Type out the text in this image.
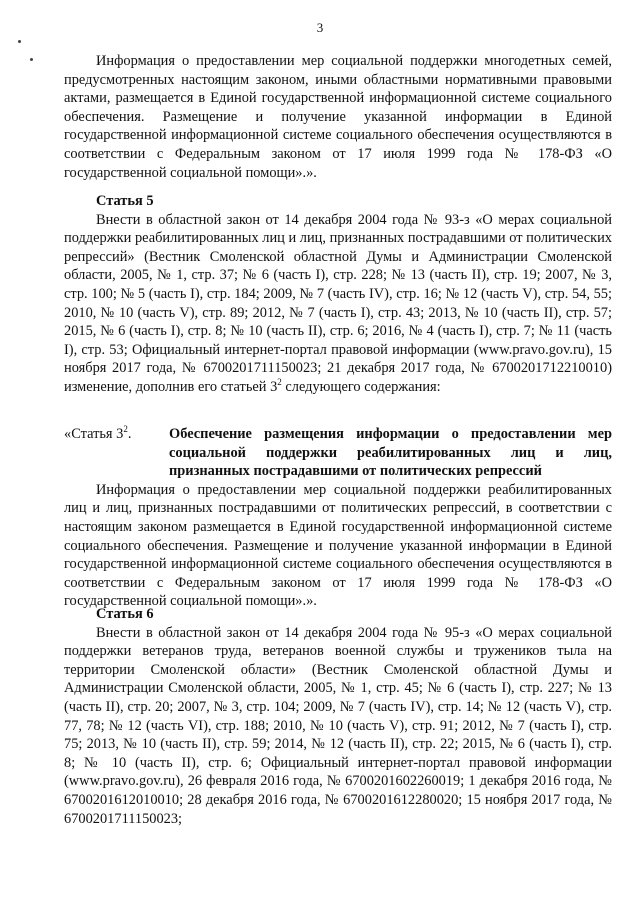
3

Информация о предоставлении мер социальной поддержки многодетных семей, предусмотренных настоящим законом, иными областными нормативными правовыми актами, размещается в Единой государственной информационной системе социального обеспечения. Размещение и получение указанной информации в Единой государственной информационной системе социального обеспечения осуществляются в соответствии с Федеральным законом от 17 июля 1999 года № 178-ФЗ «О государственной социальной помощи».».

Статья 5

Внести в областной закон от 14 декабря 2004 года № 93-з «О мерах социальной поддержки реабилитированных лиц и лиц, признанных пострадавшими от политических репрессий» (Вестник Смоленской областной Думы и Администрации Смоленской области, 2005, № 1, стр. 37; № 6 (часть I), стр. 228; № 13 (часть II), стр. 19; 2007, № 3, стр. 100; № 5 (часть I), стр. 184; 2009, № 7 (часть IV), стр. 16; № 12 (часть V), стр. 54, 55; 2010, № 10 (часть V), стр. 89; 2012, № 7 (часть I), стр. 43; 2013, № 10 (часть II), стр. 57; 2015, № 6 (часть I), стр. 8; № 10 (часть II), стр. 6; 2016, № 4 (часть I), стр. 7; № 11 (часть I), стр. 53; Официальный интернет-портал правовой информации (www.pravo.gov.ru), 15 ноября 2017 года, № 6700201711150023; 21 декабря 2017 года, № 6700201712210010) изменение, дополнив его статьей $3^2$ следующего содержания:

«Статья $3^2$.	Обеспечение размещения информации о предоставлении мер социальной поддержки реабилитированных лиц и лиц, признанных пострадавшими от политических репрессий

Информация о предоставлении мер социальной поддержки реабилитированных лиц и лиц, признанных пострадавшими от политических репрессий, в соответствии с настоящим законом размещается в Единой государственной информационной системе социального обеспечения. Размещение и получение указанной информации в Единой государственной информационной системе социального обеспечения осуществляются в соответствии с Федеральным законом от 17 июля 1999 года № 178-ФЗ «О государственной социальной помощи».».

Статья 6

Внести в областной закон от 14 декабря 2004 года № 95-з «О мерах социальной поддержки ветеранов труда, ветеранов военной службы и тружеников тыла на территории Смоленской области» (Вестник Смоленской областной Думы и Администрации Смоленской области, 2005, № 1, стр. 45; № 6 (часть I), стр. 227; № 13 (часть II), стр. 20; 2007, № 3, стр. 104; 2009, № 7 (часть IV), стр. 14; № 12 (часть V), стр. 77, 78; № 12 (часть VI), стр. 188; 2010, № 10 (часть V), стр. 91; 2012, № 7 (часть I), стр. 75; 2013, № 10 (часть II), стр. 59; 2014, № 12 (часть II), стр. 22; 2015, № 6 (часть I), стр. 8; № 10 (часть II), стр. 6; Официальный интернет-портал правовой информации (www.pravo.gov.ru), 26 февраля 2016 года, № 6700201602260019; 1 декабря 2016 года, № 6700201612010010; 28 декабря 2016 года, № 6700201612280020; 15 ноября 2017 года, № 6700201711150023;
